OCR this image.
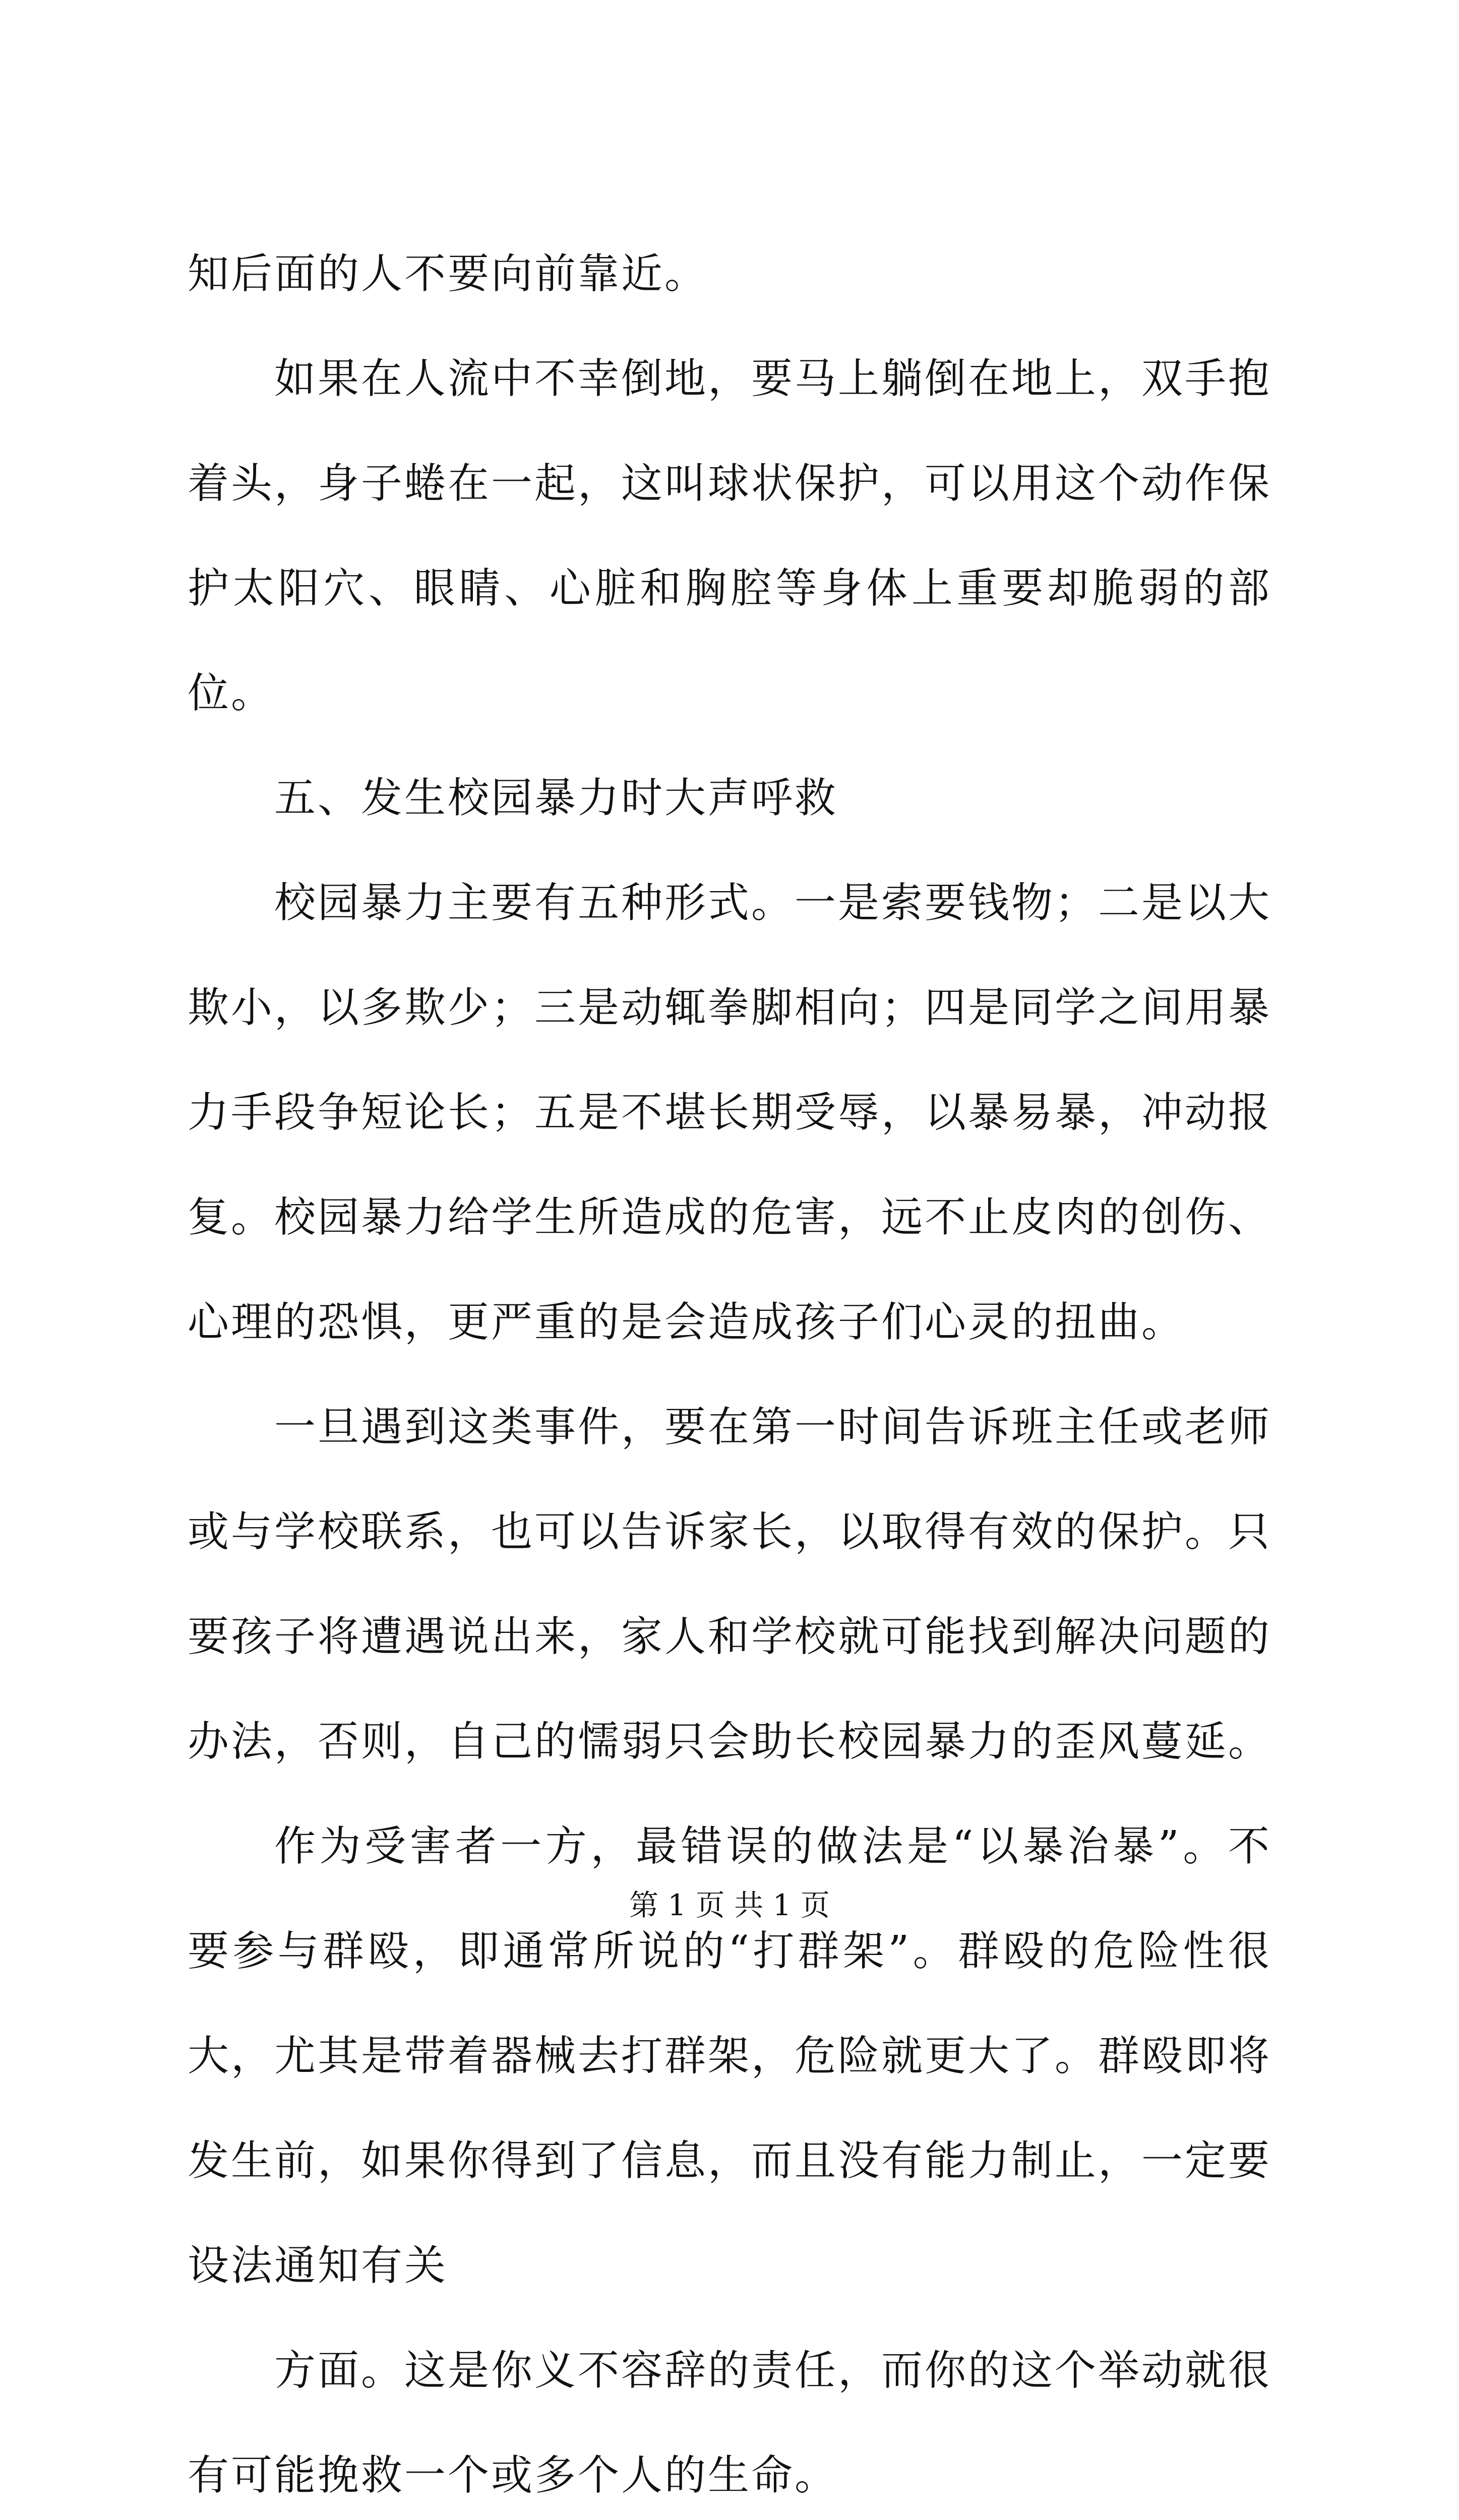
知后面的人不要向前靠近。

如果在人流中不幸倒地，要马上躺倒在地上，双手抱着头，身子蜷在一起，这叫球状保护，可以用这个动作保护太阳穴、眼睛、心脏和胸腔等身体上重要却脆弱的部位。

五、发生校园暴力时大声呼救

校园暴力主要有五种形式。一是索要钱物；二是以大欺小，以多欺少；三是动辄拳脚相向；四是同学之间用暴力手段争短论长；五是不堪长期受辱，以暴易暴，冲动报复。校园暴力给学生所造成的危害，远不止皮肉的创伤、心理的恐惧，更严重的是会造成孩子们心灵的扭曲。

一旦遇到这类事件，要在第一时间告诉班主任或老师或与学校联系，也可以告诉家长，以取得有效的保护。只要孩子将遭遇说出来，家人和学校就可能找到解决问题的办法，否则，自己的懦弱只会助长校园暴力的歪风蔓延。

作为受害者一方，最错误的做法是“以暴治暴”。不要参与群殴，即通常所说的“打群架”。群殴的危险性很大，尤其是带着器械去打群架，危险就更大了。群殴即将发生前，如果你得到了信息，而且没有能力制止，一定要设法通知有关

方面。这是你义不容辞的责任，而你的这个举动就很有可能挽救一个或多个人的生命。

第 1 页 共 1 页
